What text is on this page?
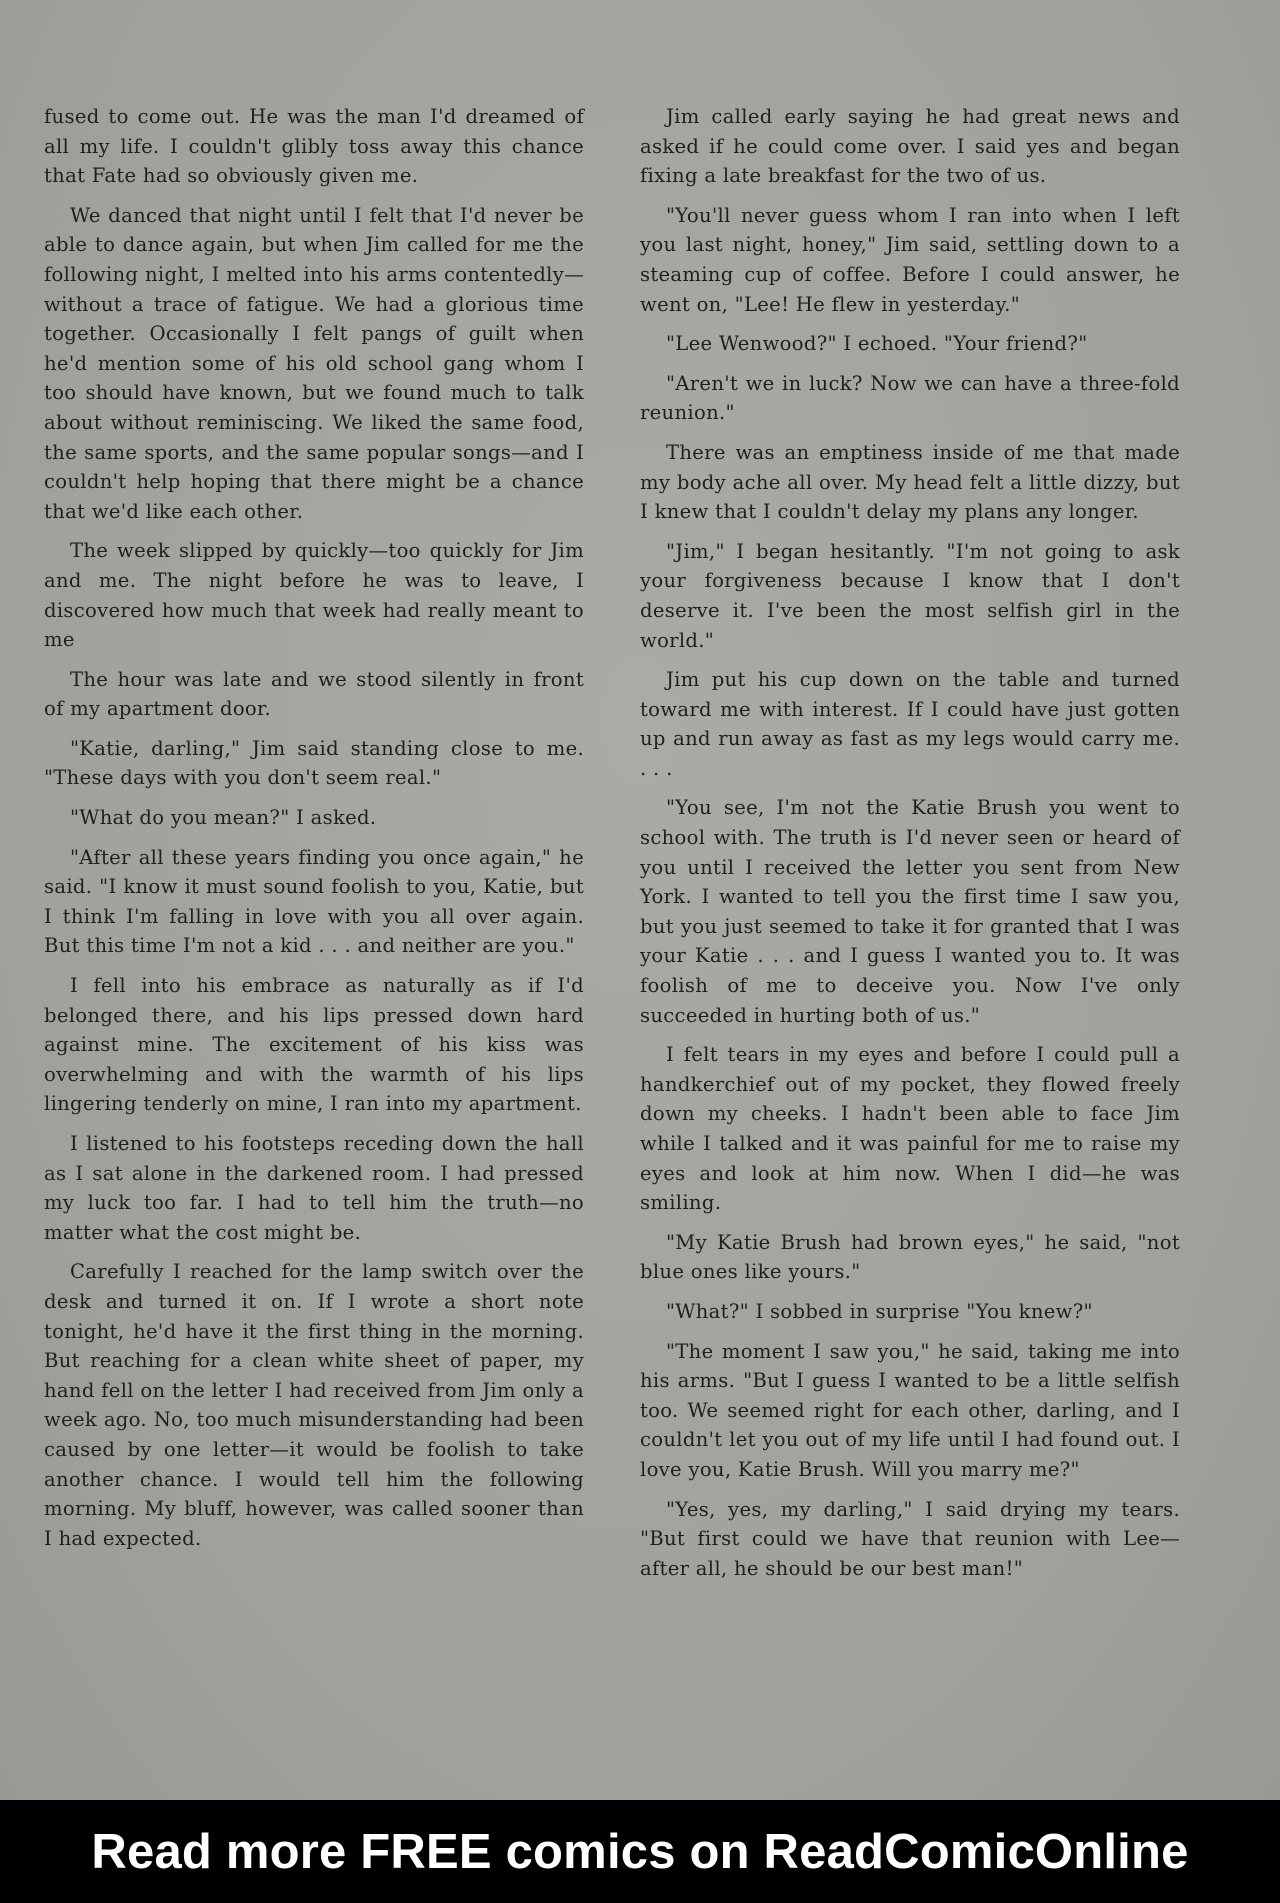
fused to come out. He was the man I'd dreamed of all my life. I couldn't glibly toss away this chance that Fate had so obviously given me.

We danced that night until I felt that I'd never be able to dance again, but when Jim called for me the following night, I melted into his arms contentedly—without a trace of fatigue. We had a glorious time together. Occasionally I felt pangs of guilt when he'd mention some of his old school gang whom I too should have known, but we found much to talk about without reminiscing. We liked the same food, the same sports, and the same popular songs—and I couldn't help hoping that there might be a chance that we'd like each other.

The week slipped by quickly—too quickly for Jim and me. The night before he was to leave, I discovered how much that week had really meant to me

The hour was late and we stood silently in front of my apartment door.

"Katie, darling," Jim said standing close to me. "These days with you don't seem real."

"What do you mean?" I asked.

"After all these years finding you once again," he said. "I know it must sound foolish to you, Katie, but I think I'm falling in love with you all over again. But this time I'm not a kid . . . and neither are you."

I fell into his embrace as naturally as if I'd belonged there, and his lips pressed down hard against mine. The excitement of his kiss was overwhelming and with the warmth of his lips lingering tenderly on mine, I ran into my apartment.

I listened to his footsteps receding down the hall as I sat alone in the darkened room. I had pressed my luck too far. I had to tell him the truth—no matter what the cost might be.

Carefully I reached for the lamp switch over the desk and turned it on. If I wrote a short note tonight, he'd have it the first thing in the morning. But reaching for a clean white sheet of paper, my hand fell on the letter I had received from Jim only a week ago. No, too much misunderstanding had been caused by one letter—it would be foolish to take another chance. I would tell him the following morning. My bluff, however, was called sooner than I had expected.

Jim called early saying he had great news and asked if he could come over. I said yes and began fixing a late breakfast for the two of us.

"You'll never guess whom I ran into when I left you last night, honey," Jim said, settling down to a steaming cup of coffee. Before I could answer, he went on, "Lee! He flew in yesterday."

"Lee Wenwood?" I echoed. "Your friend?"

"Aren't we in luck? Now we can have a three-fold reunion."

There was an emptiness inside of me that made my body ache all over. My head felt a little dizzy, but I knew that I couldn't delay my plans any longer.

"Jim," I began hesitantly. "I'm not going to ask your forgiveness because I know that I don't deserve it. I've been the most selfish girl in the world."

Jim put his cup down on the table and turned toward me with interest. If I could have just gotten up and run away as fast as my legs would carry me. . . .

"You see, I'm not the Katie Brush you went to school with. The truth is I'd never seen or heard of you until I received the letter you sent from New York. I wanted to tell you the first time I saw you, but you just seemed to take it for granted that I was your Katie . . . and I guess I wanted you to. It was foolish of me to deceive you. Now I've only succeeded in hurting both of us."

I felt tears in my eyes and before I could pull a handkerchief out of my pocket, they flowed freely down my cheeks. I hadn't been able to face Jim while I talked and it was painful for me to raise my eyes and look at him now. When I did—he was smiling.

"My Katie Brush had brown eyes," he said, "not blue ones like yours."

"What?" I sobbed in surprise "You knew?"

"The moment I saw you," he said, taking me into his arms. "But I guess I wanted to be a little selfish too. We seemed right for each other, darling, and I couldn't let you out of my life until I had found out. I love you, Katie Brush. Will you marry me?"

"Yes, yes, my darling," I said drying my tears. "But first could we have that reunion with Lee—after all, he should be our best man!"

Read more FREE comics on ReadComicOnline
